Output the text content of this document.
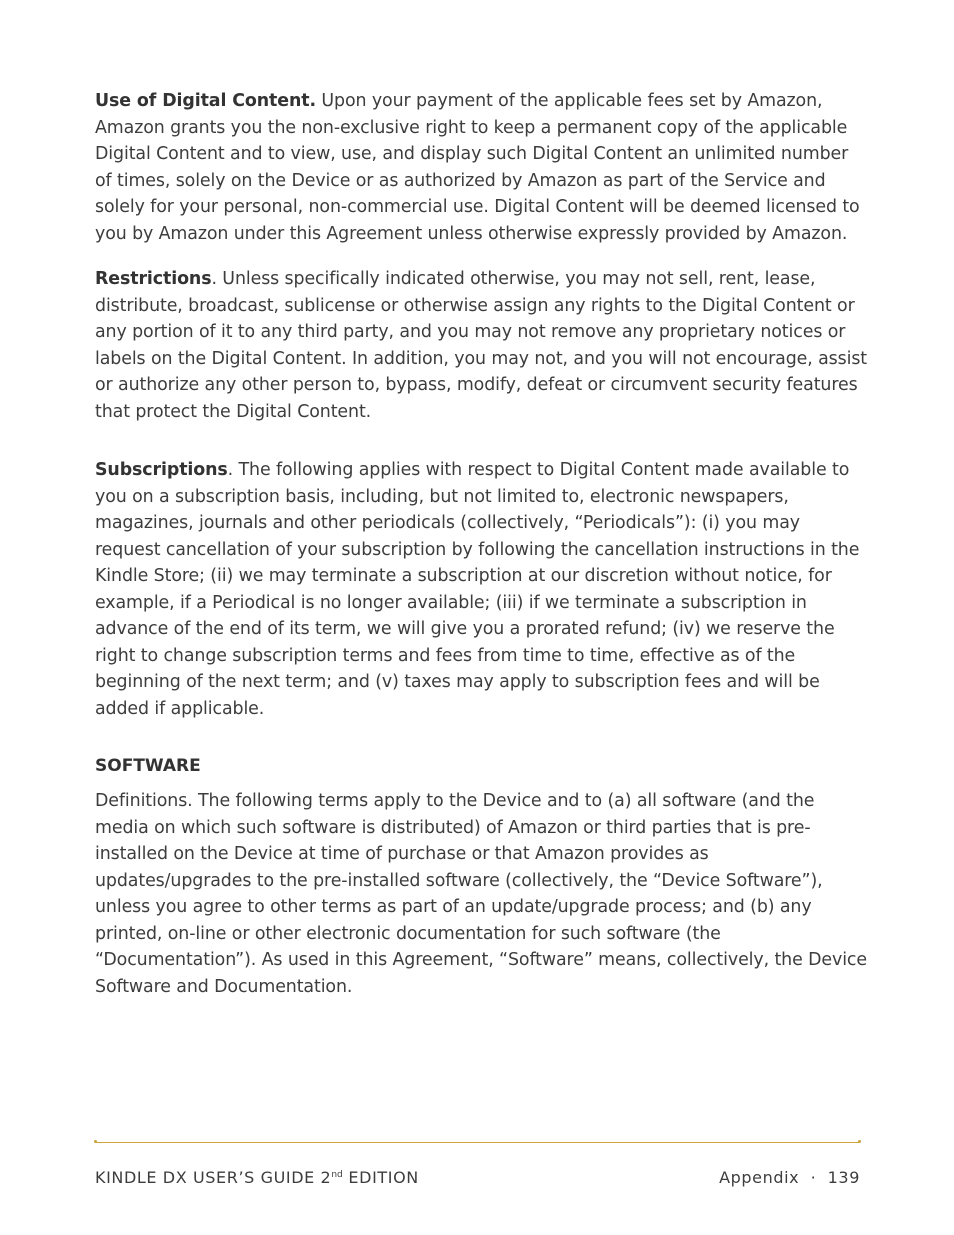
Use of Digital Content. Upon your payment of the applicable fees set by Amazon, Amazon grants you the non-exclusive right to keep a permanent copy of the applicable Digital Content and to view, use, and display such Digital Content an unlimited number of times, solely on the Device or as authorized by Amazon as part of the Service and solely for your personal, non-commercial use. Digital Content will be deemed licensed to you by Amazon under this Agreement unless otherwise expressly provided by Amazon.

Restrictions. Unless specifically indicated otherwise, you may not sell, rent, lease, distribute, broadcast, sublicense or otherwise assign any rights to the Digital Content or any portion of it to any third party, and you may not remove any proprietary notices or labels on the Digital Content. In addition, you may not, and you will not encourage, assist or authorize any other person to, bypass, modify, defeat or circumvent security features that protect the Digital Content.

Subscriptions. The following applies with respect to Digital Content made available to you on a subscription basis, including, but not limited to, electronic newspapers, magazines, journals and other periodicals (collectively, “Periodicals”): (i) you may request cancellation of your subscription by following the cancellation instructions in the Kindle Store; (ii) we may terminate a subscription at our discretion without notice, for example, if a Periodical is no longer available; (iii) if we terminate a subscription in advance of the end of its term, we will give you a prorated refund; (iv) we reserve the right to change subscription terms and fees from time to time, effective as of the beginning of the next term; and (v) taxes may apply to subscription fees and will be added if applicable.

SOFTWARE

Definitions. The following terms apply to the Device and to (a) all software (and the media on which such software is distributed) of Amazon or third parties that is pre-installed on the Device at time of purchase or that Amazon provides as updates/upgrades to the pre-installed software (collectively, the “Device Software”), unless you agree to other terms as part of an update/upgrade process; and (b) any printed, on-line or other electronic documentation for such software (the “Documentation”). As used in this Agreement, “Software” means, collectively, the Device Software and Documentation.

KINDLE DX USER’S GUIDE 2nd EDITION	Appendix · 139
